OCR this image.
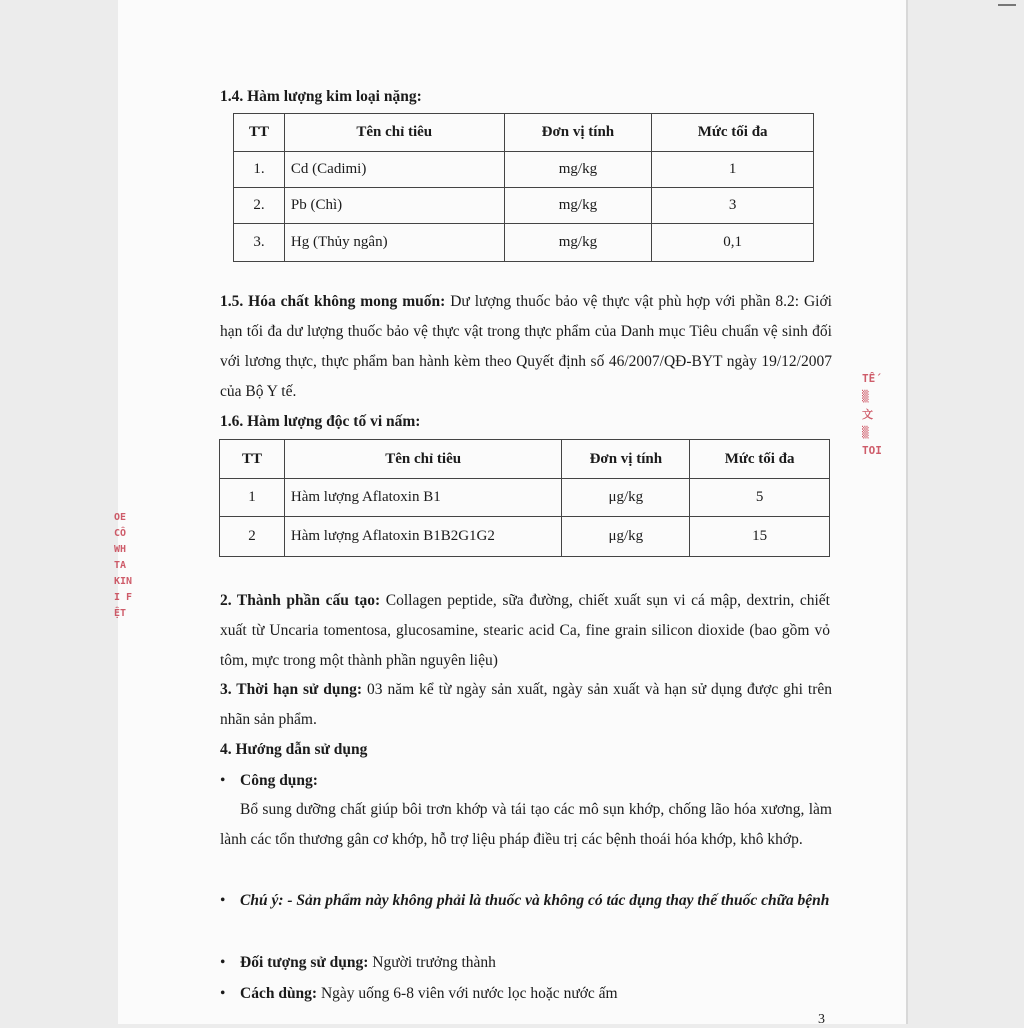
1.4. Hàm lượng kim loại nặng:
TT	Tên chỉ tiêu	Đơn vị tính	Mức tối đa
1.	Cd (Cadimi)	mg/kg	1
2.	Pb (Chì)	mg/kg	3
3.	Hg (Thủy ngân)	mg/kg	0,1
1.5. Hóa chất không mong muốn: Dư lượng thuốc bảo vệ thực vật phù hợp với phần 8.2: Giới hạn tối đa dư lượng thuốc bảo vệ thực vật trong thực phẩm của Danh mục Tiêu chuẩn vệ sinh đối với lương thực, thực phẩm ban hành kèm theo Quyết định số 46/2007/QĐ-BYT ngày 19/12/2007 của Bộ Y tế.
1.6. Hàm lượng độc tố vi nấm:
TT	Tên chỉ tiêu	Đơn vị tính	Mức tối đa
1	Hàm lượng Aflatoxin B1	μg/kg	5
2	Hàm lượng Aflatoxin B1B2G1G2	μg/kg	15
2. Thành phần cấu tạo: Collagen peptide, sữa đường, chiết xuất sụn vi cá mập, dextrin, chiết xuất từ Uncaria tomentosa, glucosamine, stearic acid Ca, fine grain silicon dioxide (bao gồm vỏ tôm, mực trong một thành phần nguyên liệu)
3. Thời hạn sử dụng: 03 năm kể từ ngày sản xuất, ngày sản xuất và hạn sử dụng được ghi trên nhãn sản phẩm.
4. Hướng dẫn sử dụng
• Công dụng:
Bổ sung dưỡng chất giúp bôi trơn khớp và tái tạo các mô sụn khớp, chống lão hóa xương, làm lành các tổn thương gân cơ khớp, hỗ trợ liệu pháp điều trị các bệnh thoái hóa khớp, khô khớp.
• Chú ý: - Sản phẩm này không phải là thuốc và không có tác dụng thay thế thuốc chữa bệnh
• Đối tượng sử dụng: Người trưởng thành
• Cách dùng: Ngày uống 6-8 viên với nước lọc hoặc nước ấm
OE
CÔ
WH
TA
KIN
I F
ỆT
TẾ
▒
文
▒
TOI
3
